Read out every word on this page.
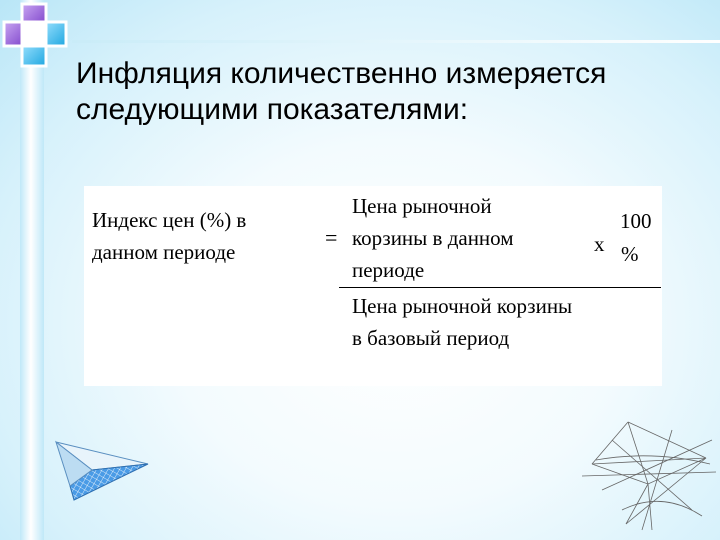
Инфляция количественно измеряется следующими показателями:
Индекс цен (%) в данном периоде
=
Цена рыночной корзины в данном периоде
Цена рыночной корзины в базовый период
х
100
%
